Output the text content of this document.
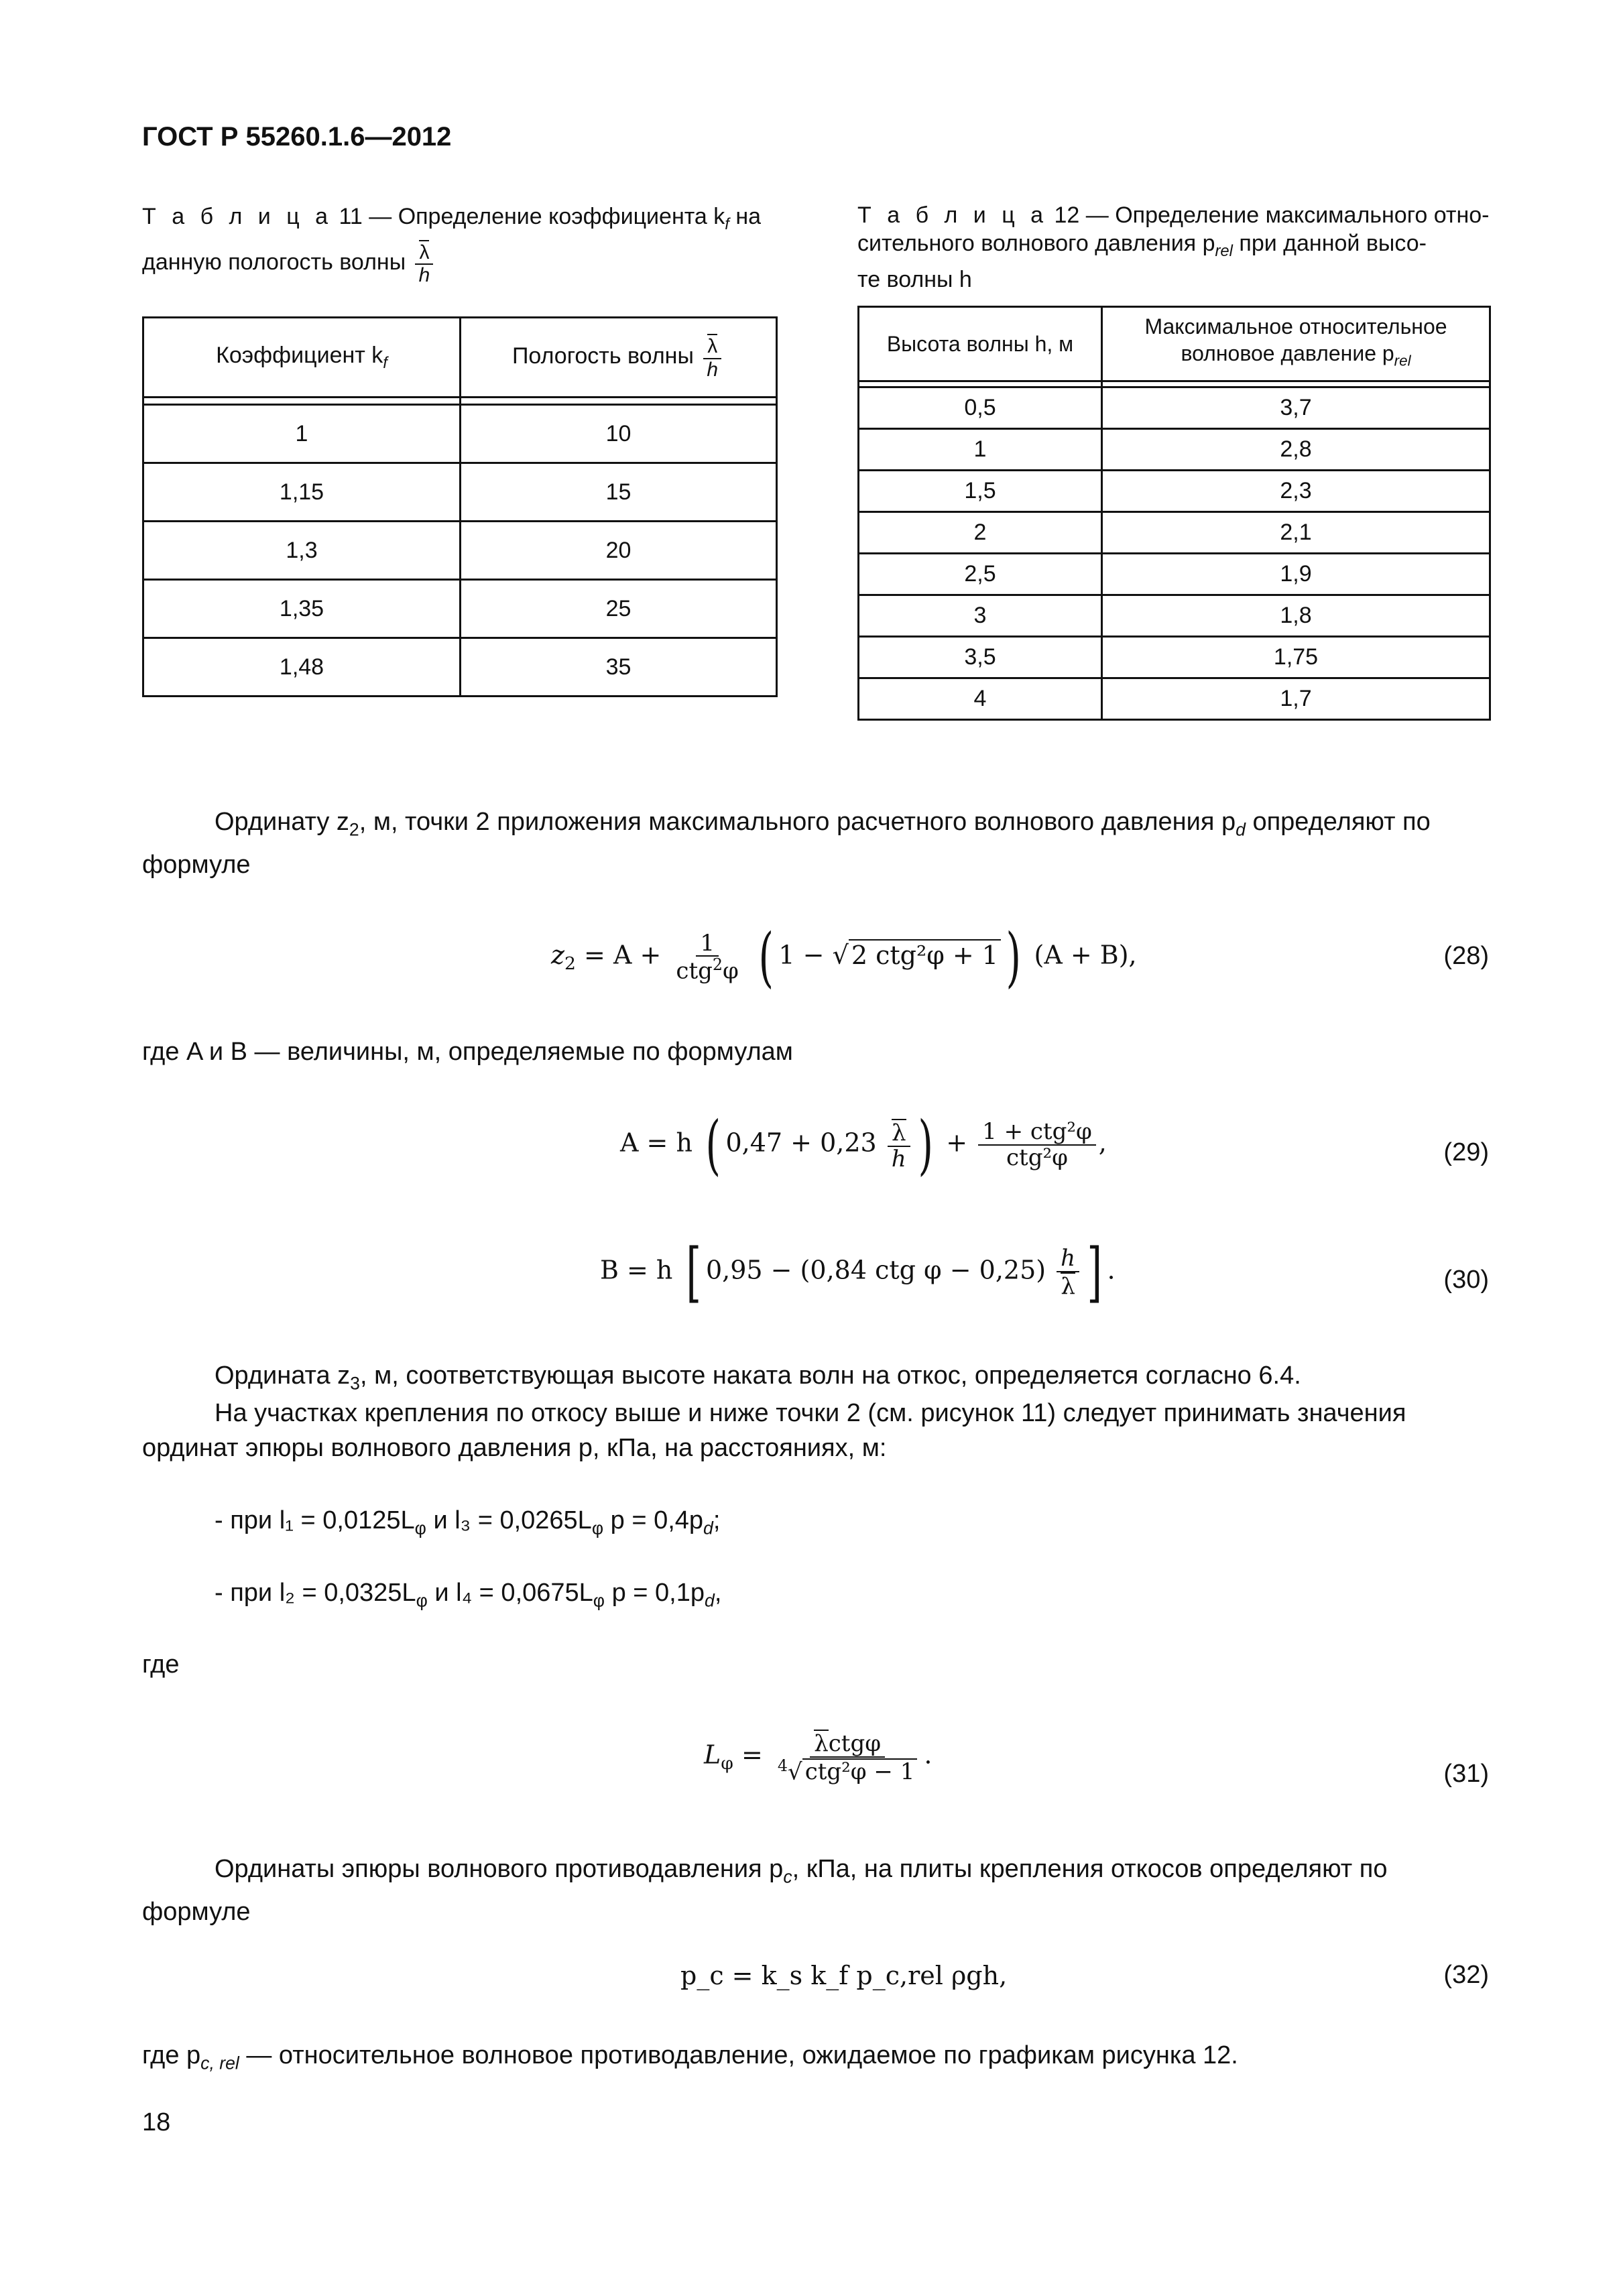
ГОСТ Р 55260.1.6—2012
Т а б л и ц а 11 — Определение коэффициента $k_f$ на
данную пологость волны $\frac{\lambda}{h}$
Коэффициент $k_f$	Пологость волны $\frac{\lambda}{h}$

1	10
1,15	15
1,3	20
1,35	25
1,48	35
Т а б л и ц а 12 — Определение максимального отно-
сительного волнового давления $p_{rel}$ при данной высо-
те волны h
Высота волны h, м	Максимальное относительное
волновое давление $p_{rel}$

0,5	3,7
1	2,8
1,5	2,3
2	2,1
2,5	1,9
3	1,8
3,5	1,75
4	1,7
Ординату $z_2$, м, точки 2 приложения максимального расчетного волнового давления $p_d$ определяют по формуле
$z_2 = A + \frac{1}{ctg^2\varphi}$ ( 1 − √ 2 ctg²φ + 1 ) (A + B),	(28)
где A и B — величины, м, определяемые по формулам
A = h ( $0,47 + 0,23 \frac{\lambda}{h}$ ) + $\frac{\text{1 + ctg²φ}}{\text{ctg²φ}}$ ,	(29)
B = h [ 0,95 − (0,84 ctg $\varphi - 0,25) \frac{h}{\lambda}$ ] .	(30)
Ордината $z_3$, м, соответствующая высоте наката волн на откос, определяется согласно 6.4.
На участках крепления по откосу выше и ниже точки 2 (см. рисунок 11) следует принимать значения ординат эпюры волнового давления p, кПа, на расстояниях, м:
- при $l_1 = 0,0125L_\varphi$ и $l_3 = 0,0265L_\varphi$ $p = 0,4p_d$;
- при $l_2 = 0,0325L_\varphi$ и $l_4 = 0,0675L_\varphi$ $p = 0,1p_d$,
где
$L_\varphi = \frac{\text{λctgφ}}{^4√ ctg^2\varphi - 1}$ .
(31)
Ординаты эпюры волнового противодавления $p_c$, кПа, на плиты крепления откосов определяют по формуле
p_c = k_s k_f p_c,rel ρgh,	(32)
где $p_{c, rel}$ — относительное волновое противодавление, ожидаемое по графикам рисунка 12.
18
